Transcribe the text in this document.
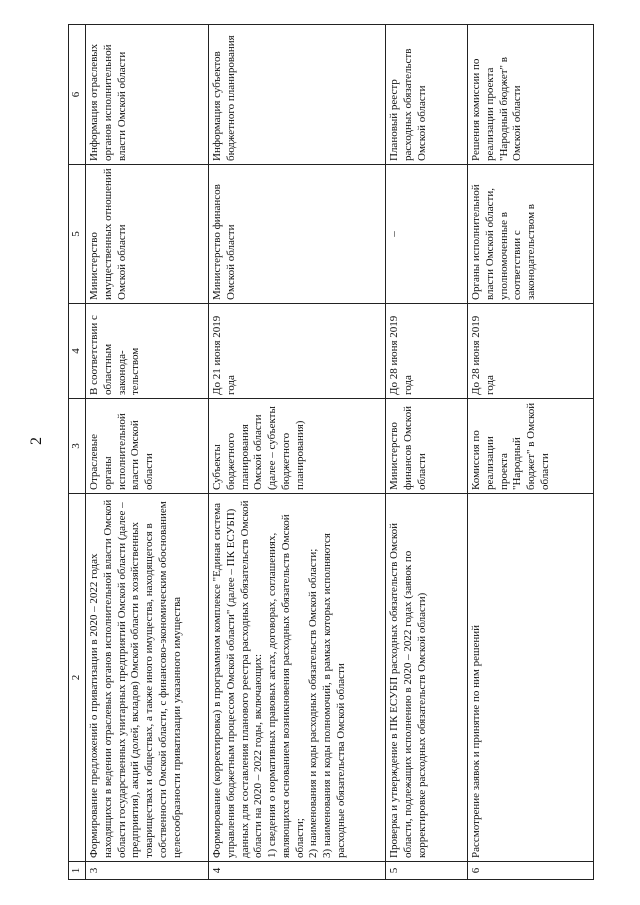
2
1	2	3	4	5	6
3	Формирование предложений о приватизации в 2020 – 2022 годах находящихся в ведении отраслевых органов исполнительной власти Омской области государственных унитарных предприятий Омской области (далее – предприятия), акций (долей, вкладов) Омской области в хозяйственных товариществах и обществах, а также иного имущества, находящегося в собственности Омской области, с финансово-экономическим обоснованием целесообразности приватизации указанного имущества	Отраслевые органы исполнительной власти Омской области	В соответствии с областным законода-тельством	Министерство имущественных отношений Омской области	Информация отраслевых органов исполнительной власти Омской области
4	Формирование (корректировка) в программном комплексе "Единая система управления бюджетным процессом Омской области" (далее – ПК ЕСУБП) данных для составления планового реестра расходных обязательств Омской области на 2020 – 2022 годы, включающих:
1) сведения о нормативных правовых актах, договорах, соглашениях, являющихся основанием возникновения расходных обязательств Омской области;
2) наименования и коды расходных обязательств Омской области;
3) наименования и коды полномочий, в рамках которых исполняются расходные обязательства Омской области	Субъекты бюджетного планирования Омской области (далее – субъекты бюджетного планирования)	До 21 июня 2019 года	Министерство финансов Омской области	Информация субъектов бюджетного планирования
5	Проверка и утверждение в ПК ЕСУБП расходных обязательств Омской области, подлежащих исполнению в 2020 – 2022 годах (заявок по корректировке расходных обязательств Омской области)	Министерство финансов Омской области	До 28 июня 2019 года	–	Плановый реестр расходных обязательств Омской области
6	Рассмотрение заявок и принятие по ним решений	Комиссия по реализации проекта "Народный бюджет" в Омской области	До 28 июня 2019 года	Органы исполнительной власти Омской области, уполномоченные в соответствии с законодательством в	Решения комиссии по реализации проекта "Народный бюджет" в Омской области
